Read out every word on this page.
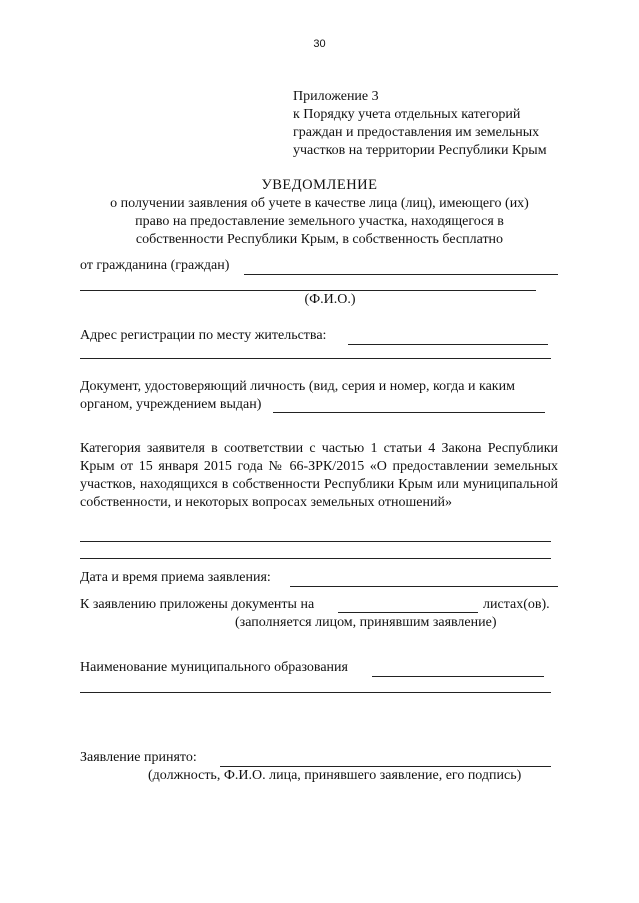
30
Приложение 3
к Порядку учета отдельных категорий
граждан и предоставления им земельных
участков на территории Республики Крым
УВЕДОМЛЕНИЕ
о получении заявления об учете в качестве лица (лиц), имеющего (их)
право на предоставление земельного участка, находящегося в
собственности Республики Крым, в собственность бесплатно
от гражданина (граждан)
(Ф.И.О.)
Адрес регистрации по месту жительства:
Документ, удостоверяющий личность (вид, серия и номер, когда и каким
органом, учреждением выдан)
Категория заявителя в соответствии с частью 1 статьи 4 Закона Республики Крым от 15 января 2015 года № 66-ЗРК/2015 «О предоставлении земельных участков, находящихся в собственности Республики Крым или муниципальной собственности, и некоторых вопросах земельных отношений»
Дата и время приема заявления:
К заявлению приложены документы на	листах(ов).
(заполняется лицом, принявшим заявление)
Наименование муниципального образования
Заявление принято:
(должность, Ф.И.О. лица, принявшего заявление, его подпись)
